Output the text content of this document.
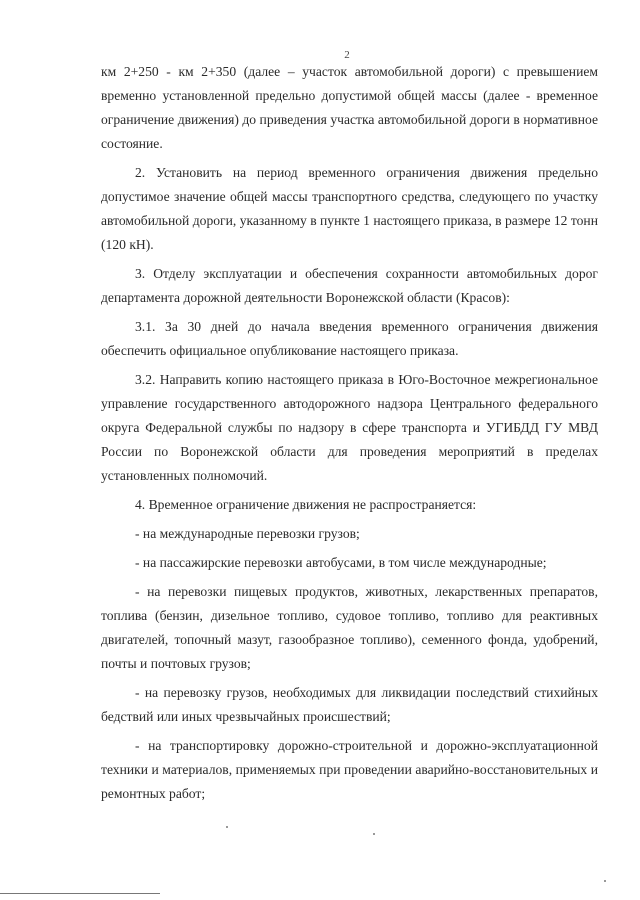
2

км 2+250 - км 2+350 (далее – участок автомобильной дороги) с превышением временно установленной предельно допустимой общей массы (далее - временное ограничение движения) до приведения участка автомобильной дороги в нормативное состояние.

2. Установить на период временного ограничения движения предельно допустимое значение общей массы транспортного средства, следующего по участку автомобильной дороги, указанному в пункте 1 настоящего приказа, в размере 12 тонн (120 кН).

3. Отделу эксплуатации и обеспечения сохранности автомобильных дорог департамента дорожной деятельности Воронежской области (Красов):

3.1. За 30 дней до начала введения временного ограничения движения обеспечить официальное опубликование настоящего приказа.

3.2. Направить копию настоящего приказа в Юго-Восточное межрегиональное управление государственного автодорожного надзора Центрального федерального округа Федеральной службы по надзору в сфере транспорта и УГИБДД ГУ МВД России по Воронежской области для проведения мероприятий в пределах установленных полномочий.

4. Временное ограничение движения не распространяется:

- на международные перевозки грузов;

- на пассажирские перевозки автобусами, в том числе международные;

- на перевозки пищевых продуктов, животных, лекарственных препаратов, топлива (бензин, дизельное топливо, судовое топливо, топливо для реактивных двигателей, топочный мазут, газообразное топливо), семенного фонда, удобрений, почты и почтовых грузов;

- на перевозку грузов, необходимых для ликвидации последствий стихийных бедствий или иных чрезвычайных происшествий;

- на транспортировку дорожно-строительной и дорожно-эксплуатационной техники и материалов, применяемых при проведении аварийно-восстановительных и ремонтных работ;
